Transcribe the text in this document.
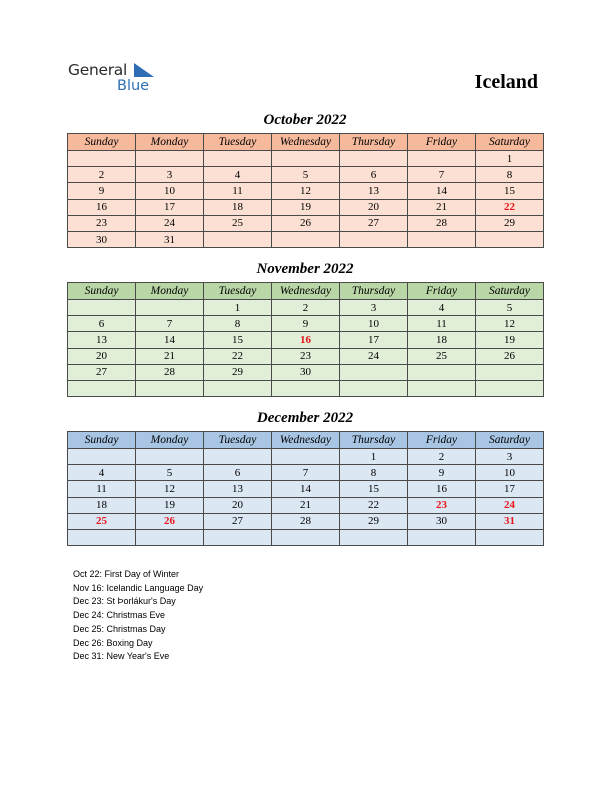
General
Blue	Iceland
October 2022
Sunday	Monday	Tuesday	Wednesday	Thursday	Friday	Saturday
						1
2	3	4	5	6	7	8
9	10	11	12	13	14	15
16	17	18	19	20	21	22
23	24	25	26	27	28	29
30	31					
November 2022
Sunday	Monday	Tuesday	Wednesday	Thursday	Friday	Saturday
		1	2	3	4	5
6	7	8	9	10	11	12
13	14	15	16	17	18	19
20	21	22	23	24	25	26
27	28	29	30			

December 2022
Sunday	Monday	Tuesday	Wednesday	Thursday	Friday	Saturday
				1	2	3
4	5	6	7	8	9	10
11	12	13	14	15	16	17
18	19	20	21	22	23	24
25	26	27	28	29	30	31

Oct 22: First Day of Winter
Nov 16: Icelandic Language Day
Dec 23: St Þorlákur's Day
Dec 24: Christmas Eve
Dec 25: Christmas Day
Dec 26: Boxing Day
Dec 31: New Year's Eve
